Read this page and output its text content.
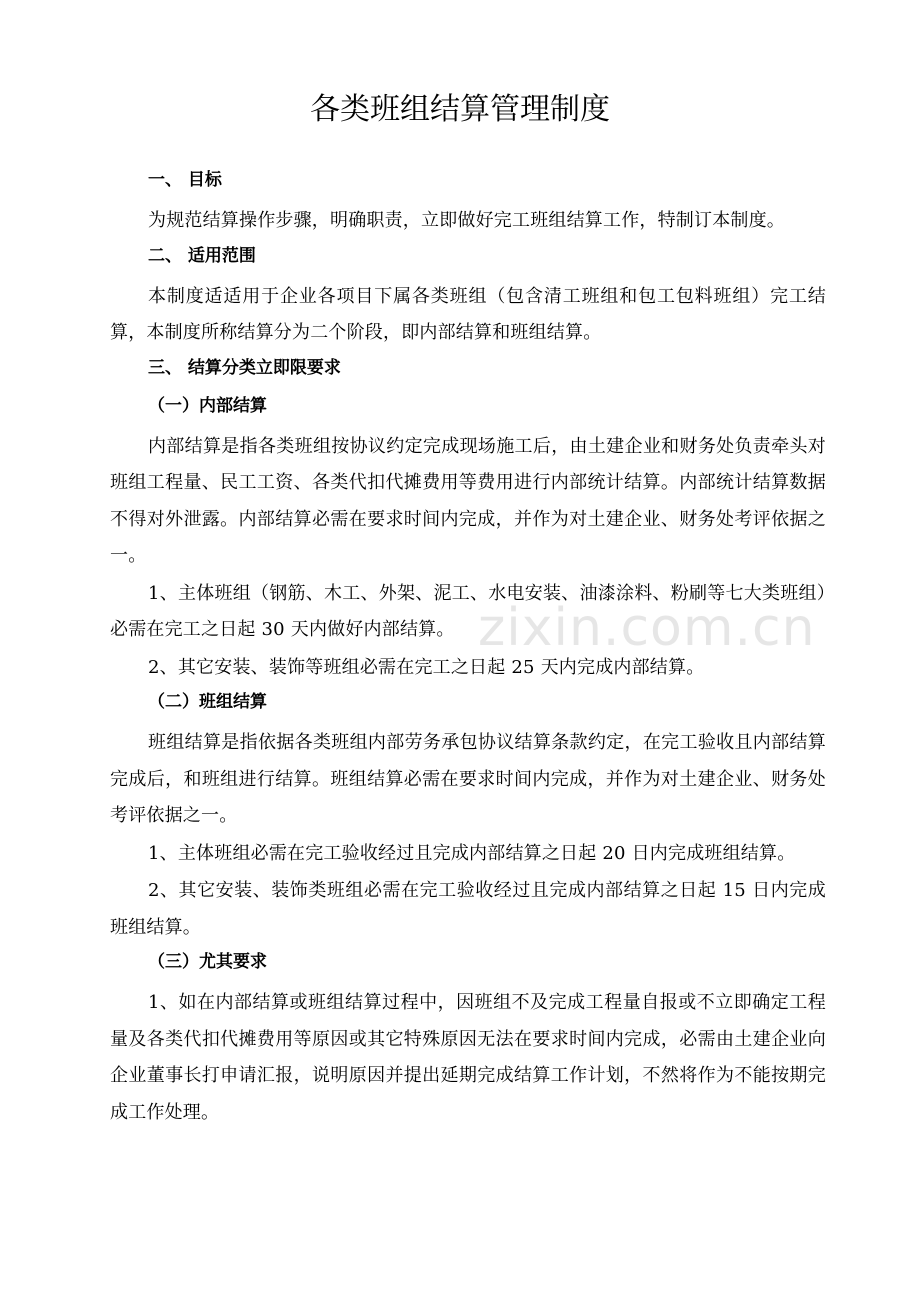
各类班组结算管理制度
一、 目标

为规范结算操作步骤，明确职责，立即做好完工班组结算工作，特制订本制度。

二、 适用范围

本制度适适用于企业各项目下属各类班组（包含清工班组和包工包料班组）完工结算，本制度所称结算分为二个阶段，即内部结算和班组结算。

三、 结算分类立即限要求
（一）内部结算

内部结算是指各类班组按协议约定完成现场施工后，由土建企业和财务处负责牵头对班组工程量、民工工资、各类代扣代摊费用等费用进行内部统计结算。内部统计结算数据不得对外泄露。内部结算必需在要求时间内完成，并作为对土建企业、财务处考评依据之一。

1、主体班组（钢筋、木工、外架、泥工、水电安装、油漆涂料、粉刷等七大类班组）必需在完工之日起 30 天内做好内部结算。

2、其它安装、装饰等班组必需在完工之日起 25 天内完成内部结算。

（二）班组结算

班组结算是指依据各类班组内部劳务承包协议结算条款约定，在完工验收且内部结算完成后，和班组进行结算。班组结算必需在要求时间内完成，并作为对土建企业、财务处考评依据之一。

1、主体班组必需在完工验收经过且完成内部结算之日起 20 日内完成班组结算。

2、其它安装、装饰类班组必需在完工验收经过且完成内部结算之日起 15 日内完成班组结算。

（三）尤其要求

1、如在内部结算或班组结算过程中，因班组不及完成工程量自报或不立即确定工程量及各类代扣代摊费用等原因或其它特殊原因无法在要求时间内完成，必需由土建企业向企业董事长打申请汇报，说明原因并提出延期完成结算工作计划，不然将作为不能按期完成工作处理。

zixin.com.cn
